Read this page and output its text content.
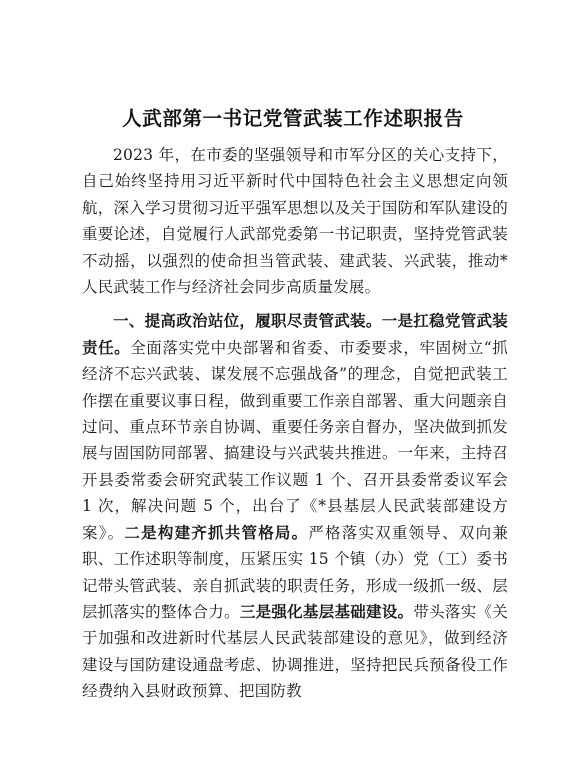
人武部第一书记党管武装工作述职报告

2023 年，在市委的坚强领导和市军分区的关心支持下，自己始终坚持用习近平新时代中国特色社会主义思想定向领航，深入学习贯彻习近平强军思想以及关于国防和军队建设的重要论述，自觉履行人武部党委第一书记职责，坚持党管武装不动摇，以强烈的使命担当管武装、建武装、兴武装，推动*人民武装工作与经济社会同步高质量发展。

一、提高政治站位，履职尽责管武装。一是扛稳党管武装责任。全面落实党中央部署和省委、市委要求，牢固树立“抓经济不忘兴武装、谋发展不忘强战备”的理念，自觉把武装工作摆在重要议事日程，做到重要工作亲自部署、重大问题亲自过问、重点环节亲自协调、重要任务亲自督办，坚决做到抓发展与固国防同部署、搞建设与兴武装共推进。一年来，主持召开县委常委会研究武装工作议题 1 个、召开县委常委议军会 1 次，解决问题 5 个，出台了《*县基层人民武装部建设方案》。二是构建齐抓共管格局。严格落实双重领导、双向兼职、工作述职等制度，压紧压实 15 个镇（办）党（工）委书记带头管武装、亲自抓武装的职责任务，形成一级抓一级、层层抓落实的整体合力。三是强化基层基础建设。带头落实《关于加强和改进新时代基层人民武装部建设的意见》，做到经济建设与国防建设通盘考虑、协调推进，坚持把民兵预备役工作经费纳入县财政预算、把国防教
